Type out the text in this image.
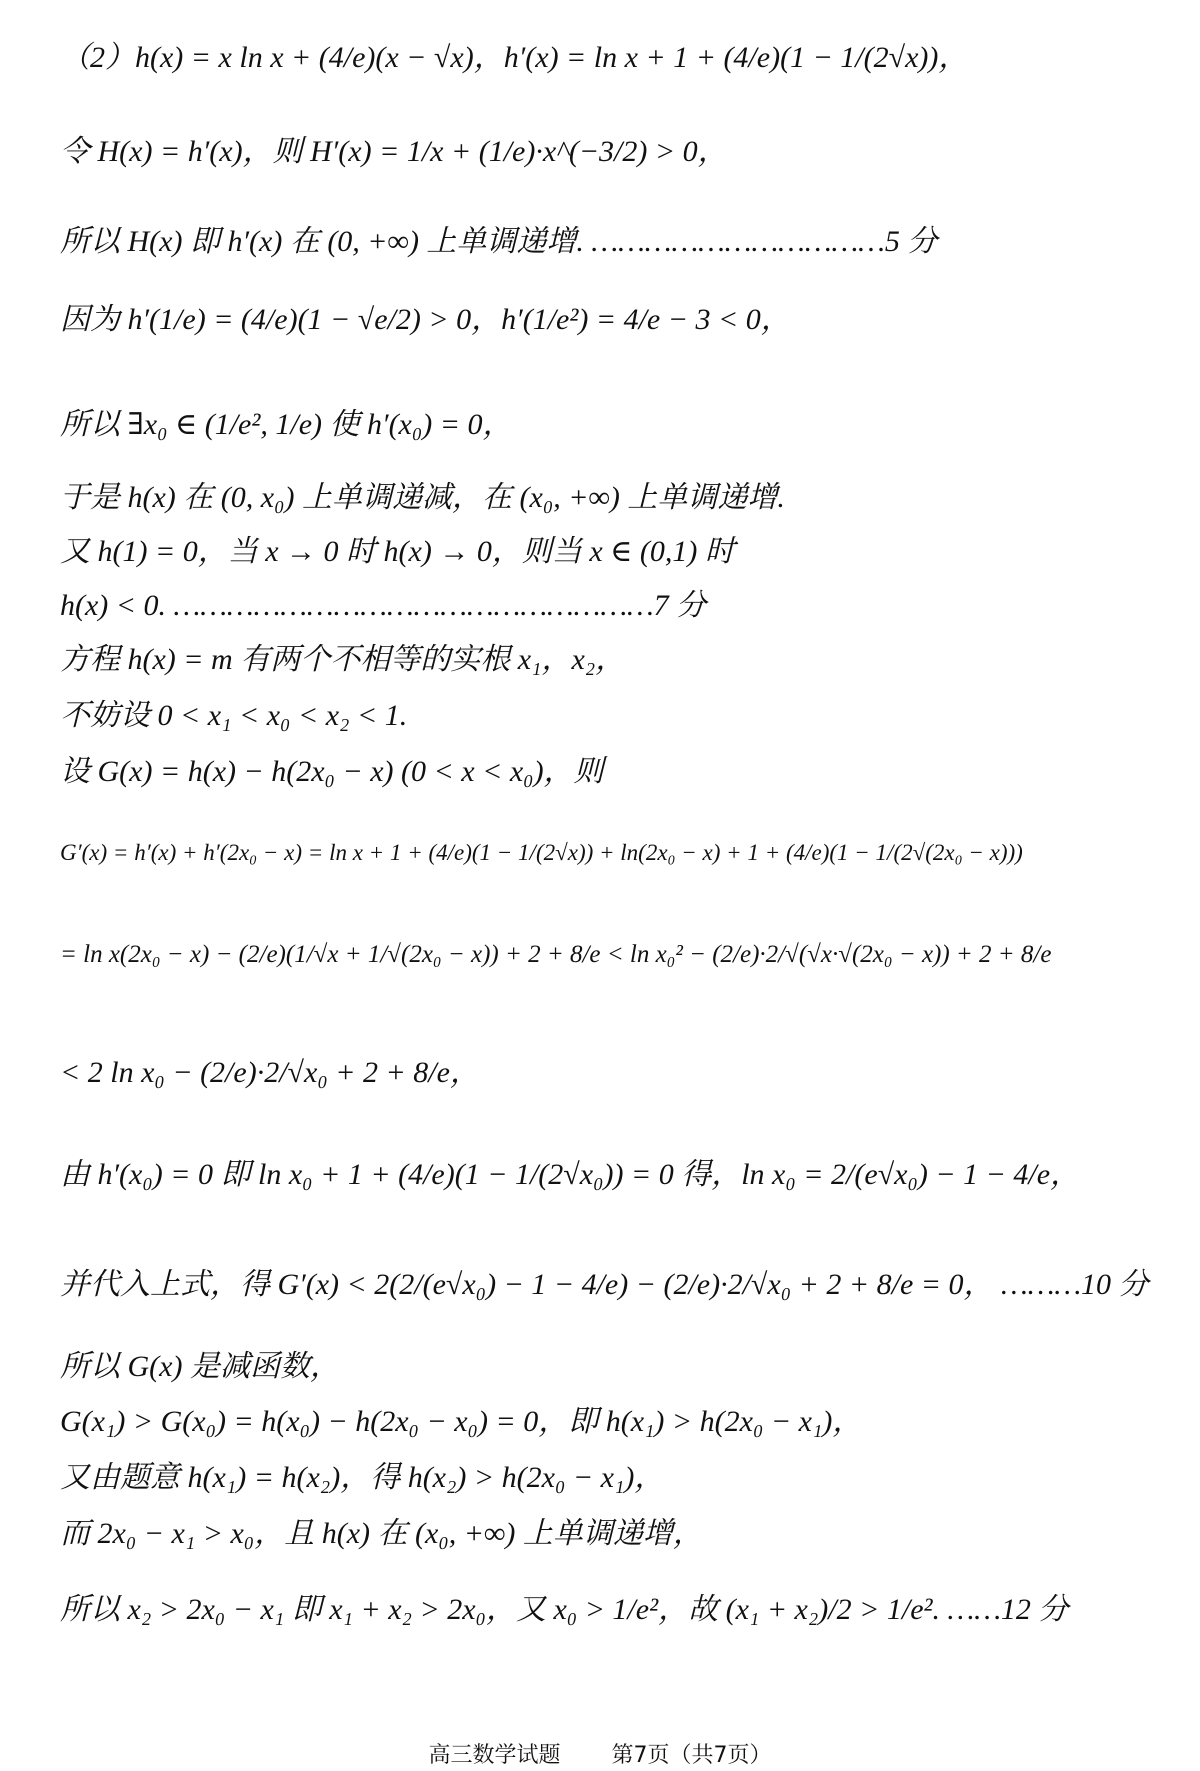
（2）h(x) = x ln x + (4/e)(x − √x)，h′(x) = ln x + 1 + (4/e)(1 − 1/(2√x))，
令 H(x) = h′(x)，则 H′(x) = 1/x + (1/e)·x^(−3/2) > 0，
所以 H(x) 即 h′(x) 在 (0, +∞) 上单调递增. ……………………………5 分
因为 h′(1/e) = (4/e)(1 − √e/2) > 0，h′(1/e²) = 4/e − 3 < 0，
所以 ∃x₀ ∈ (1/e², 1/e) 使 h′(x₀) = 0，
于是 h(x) 在 (0, x₀) 上单调递减，在 (x₀, +∞) 上单调递增.
又 h(1) = 0，当 x → 0 时 h(x) → 0，则当 x ∈ (0,1) 时
h(x) < 0. ………………………………………………7 分
方程 h(x) = m 有两个不相等的实根 x₁，x₂，
不妨设 0 < x₁ < x₀ < x₂ < 1.
设 G(x) = h(x) − h(2x₀ − x) (0 < x < x₀)，则
G′(x) = h′(x) + h′(2x₀ − x) = ln x + 1 + (4/e)(1 − 1/(2√x)) + ln(2x₀ − x) + 1 + (4/e)(1 − 1/(2√(2x₀ − x)))
= ln x(2x₀ − x) − (2/e)(1/√x + 1/√(2x₀ − x)) + 2 + 8/e < ln x₀² − (2/e)·2/√(√x·√(2x₀ − x)) + 2 + 8/e
< 2 ln x₀ − (2/e)·2/√x₀ + 2 + 8/e，
由 h′(x₀) = 0 即 ln x₀ + 1 + (4/e)(1 − 1/(2√x₀)) = 0 得，ln x₀ = 2/(e√x₀) − 1 − 4/e，
并代入上式，得 G′(x) < 2(2/(e√x₀) − 1 − 4/e) − (2/e)·2/√x₀ + 2 + 8/e = 0， ………10 分
所以 G(x) 是减函数，
G(x₁) > G(x₀) = h(x₀) − h(2x₀ − x₀) = 0，即 h(x₁) > h(2x₀ − x₁)，
又由题意 h(x₁) = h(x₂)，得 h(x₂) > h(2x₀ − x₁)，
而 2x₀ − x₁ > x₀，且 h(x) 在 (x₀, +∞) 上单调递增，
所以 x₂ > 2x₀ − x₁ 即 x₁ + x₂ > 2x₀，又 x₀ > 1/e²，故 (x₁ + x₂)/2 > 1/e². ……12 分
高三数学试题 第7页（共7页）
